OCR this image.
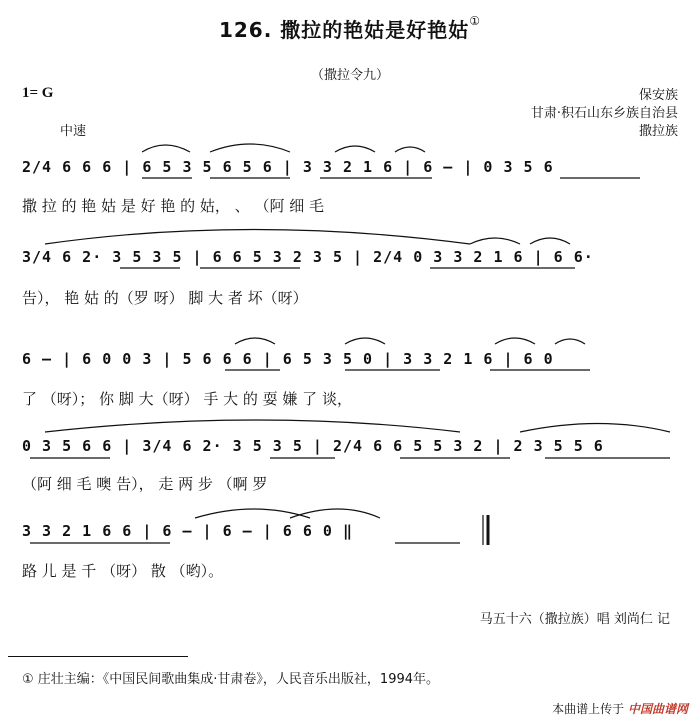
126. 撒拉的艳姑是好艳姑①
（撒拉令九）
1= G
中速
保安族
甘肃·积石山东乡族自治县
撒拉族
2/4 6 6 6 | 6 5 3 5 6 5 6 | 3 3 2 1 6 | 6 — | 0 3 5 6
撒 拉 的 艳 姑 是 好 艳 的 姑， 、 （阿 细 毛
3/4 6 2· 3 5 3 5 | 6 6 5 3 2 3 5 | 2/4 0 3 3 2 1 6 | 6 6·
告）， 艳 姑 的（罗 呀） 脚 大 者 坏（呀）
6 — | 6 0 0 3 | 5 6 6 6 | 6 5 3 5 0 | 3 3 2 1 6 | 6 0
了 （呀）； 你 脚 大（呀） 手 大 的 耍 嫌 了 谈，
0 3 5 6 6 | 3/4 6 2· 3 5 3 5 | 2/4 6 6 5 5 3 2 | 2 3 5 5 6
（阿 细 毛 噢 告）， 走 两 步 （啊 罗
3 3 2 1 6 6 | 6 — | 6 — | 6 6 0 ‖
路 儿 是 千 （呀） 散 （哟）。
马五十六（撒拉族）唱 刘尚仁 记
① 庄壮主编：《中国民间歌曲集成·甘肃卷》，人民音乐出版社，1994年。
本曲谱上传于 中国曲谱网
